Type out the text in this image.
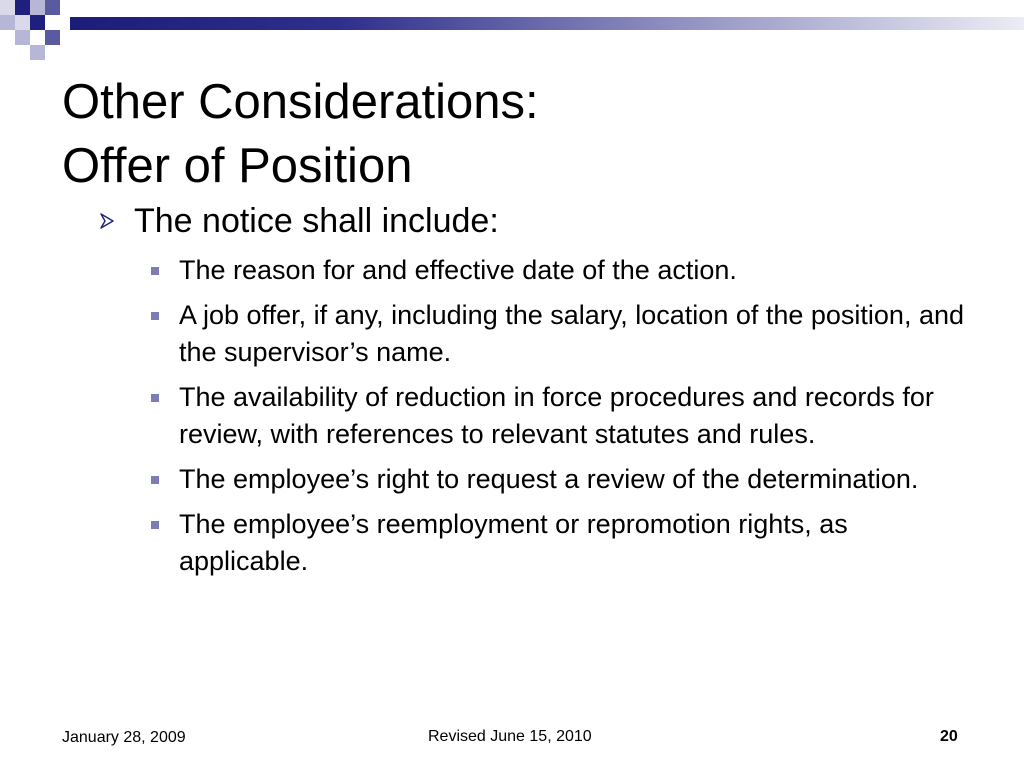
Other Considerations:
Offer of Position
The notice shall include:
The reason for and effective date of the action.
A job offer, if any, including the salary, location of the position, and the supervisor’s name.
The availability of reduction in force procedures and records for review, with references to relevant statutes and rules.
The employee’s right to request a review of the determination.
The employee’s reemployment or repromotion rights, as applicable.
January 28, 2009	Revised June 15, 2010	20
